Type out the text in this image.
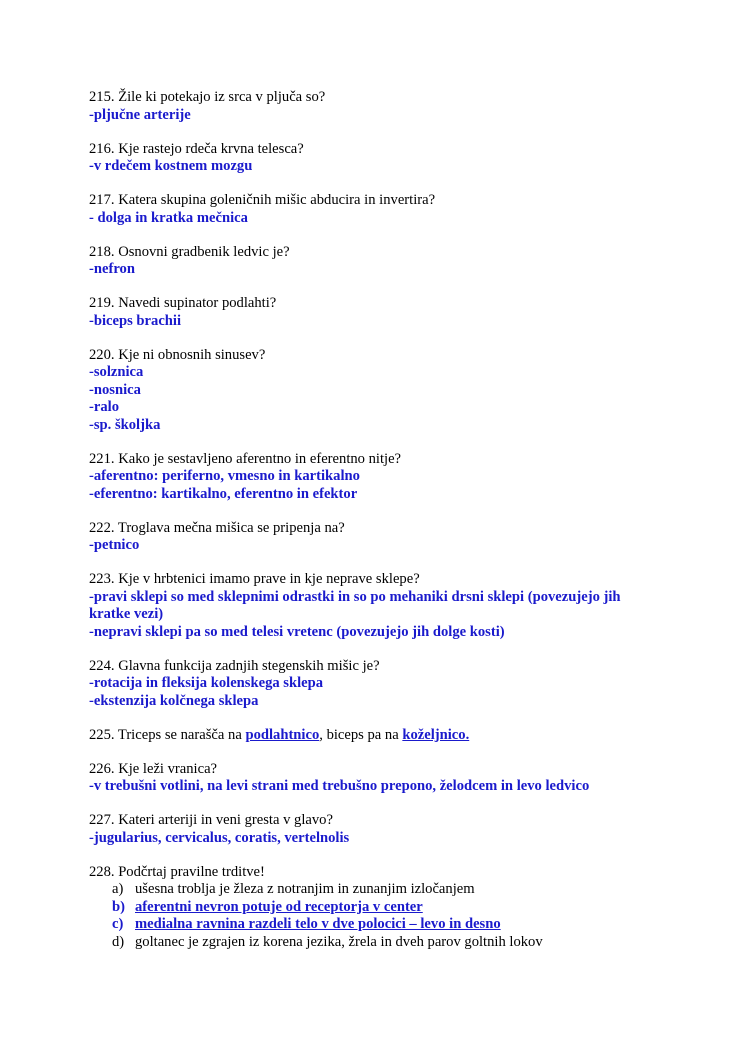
215. Žile ki potekajo iz srca v pljuča so?
-pljučne arterije
216. Kje rastejo rdeča krvna telesca?
-v rdečem kostnem mozgu
217. Katera skupina goleničnih mišic abducira in invertira?
- dolga in kratka mečnica
218. Osnovni gradbenik ledvic je?
-nefron
219. Navedi supinator podlahti?
-biceps brachii
220. Kje ni obnosnih sinusev?
-solznica
-nosnica
-ralo
-sp. školjka
221. Kako je sestavljeno aferentno in eferentno nitje?
-aferentno: periferno, vmesno in kartikalno
-eferentno: kartikalno, eferentno in efektor
222. Troglava mečna mišica se pripenja na?
-petnico
223. Kje v hrbtenici imamo prave in kje neprave sklepe?
-pravi sklepi so med sklepnimi odrastki in so po mehaniki drsni sklepi (povezujejo jih kratke vezi)
-nepravi sklepi pa so med telesi vretenc (povezujejo jih dolge kosti)
224. Glavna funkcija zadnjih stegenskih mišic je?
-rotacija in fleksija kolenskega sklepa
-ekstenzija kolčnega sklepa
225. Triceps se narašča na podlahtnico, biceps pa na koželjnico.
226. Kje leži vranica?
-v trebušni votlini, na levi strani med trebušno prepono, želodcem in levo ledvico
227. Kateri arteriji in veni gresta v glavo?
-jugularius, cervicalus, coratis, vertelnolis
228. Podčrtaj pravilne trditve!
a) ušesna troblja je žleza z notranjim in zunanjim izločanjem
b) aferentni nevron potuje od receptorja v center
c) medialna ravnina razdeli telo v dve polocici – levo in desno
d) goltanec je zgrajen iz korena jezika, žrela in dveh parov goltnih lokov
